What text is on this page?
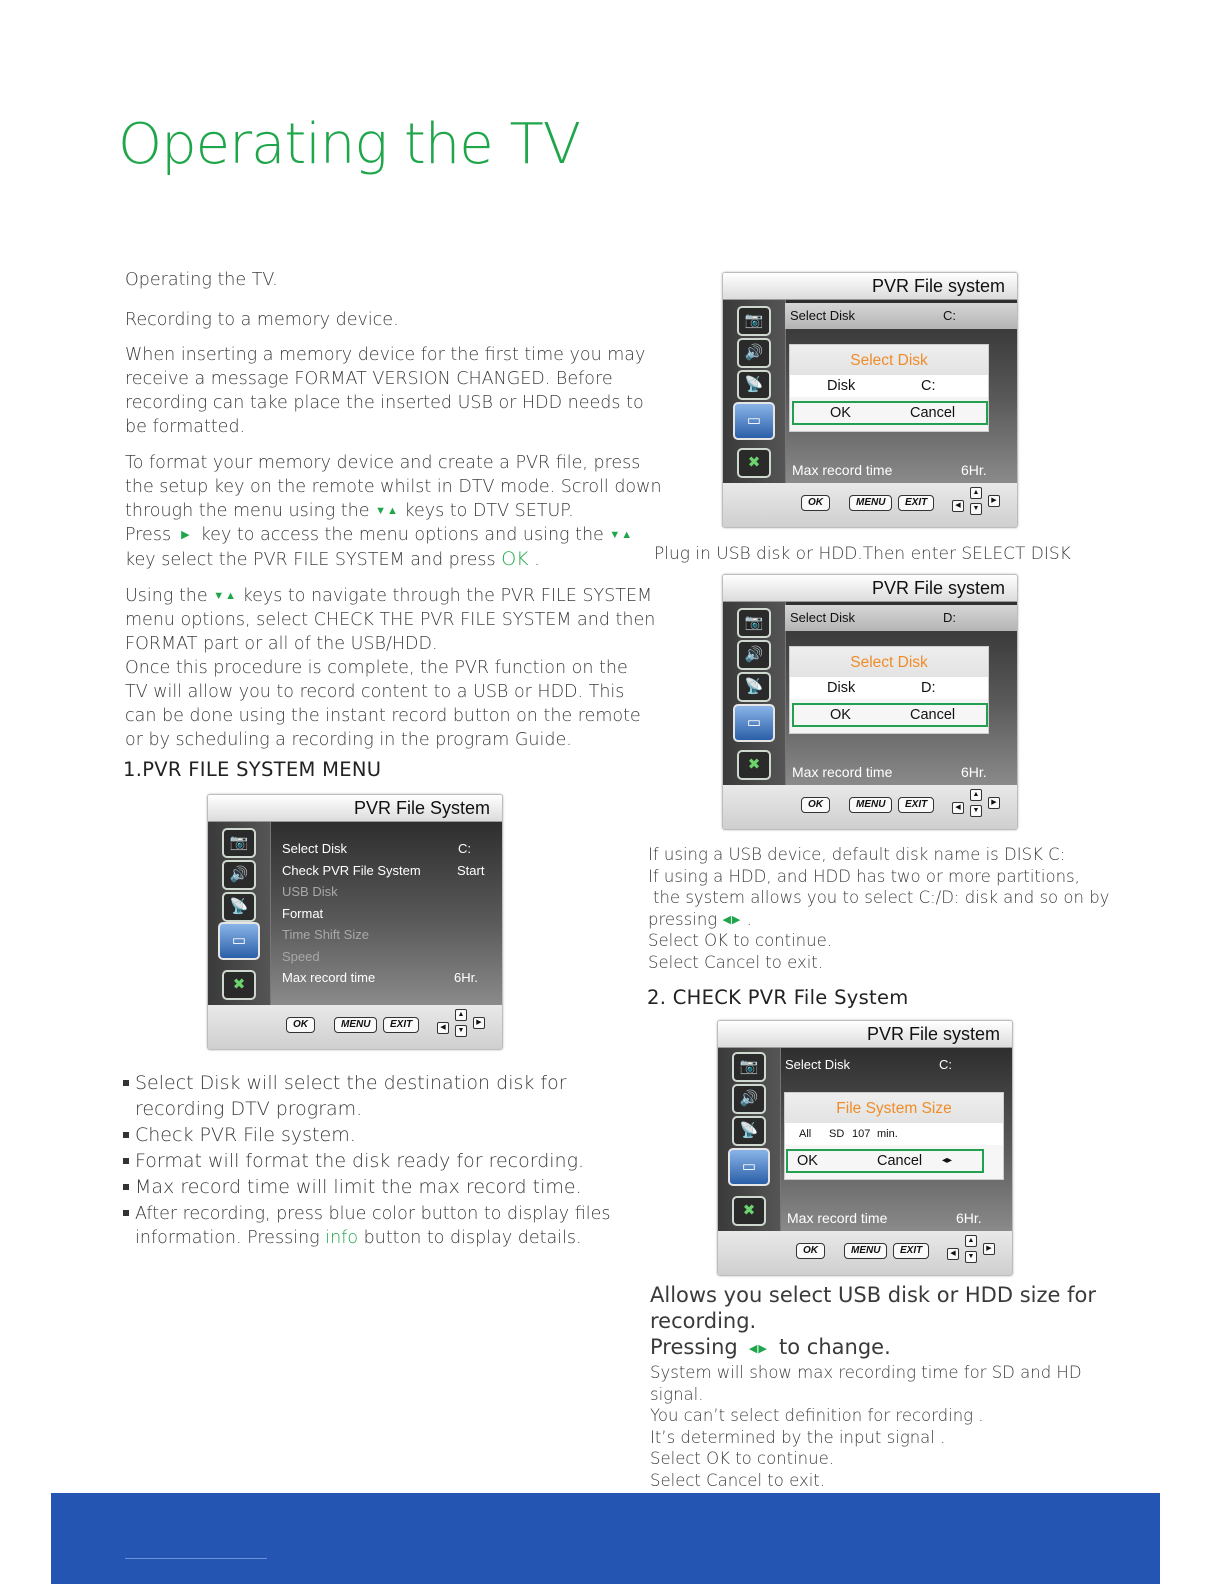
Operating the TV

Operating the TV.

Recording to a memory device.

When inserting a memory device for the first time you may

receive a message FORMAT VERSION CHANGED. Before

recording can take place the inserted USB or HDD needs to

be formatted.

To format your memory device and create a PVR file, press

the setup key on the remote whilst in DTV mode. Scroll down

through the menu using the ▼▲ keys to DTV SETUP.

Press  ▶  key to access the menu options and using the ▼▲

key select the PVR FILE SYSTEM and press OK .

Using the ▼▲ keys to navigate through the PVR FILE SYSTEM

menu options, select CHECK THE PVR FILE SYSTEM and then

FORMAT part or all of the USB/HDD.

Once this procedure is complete, the PVR function on the

TV will allow you to record content to a USB or HDD. This

can be done using the instant record button on the remote

or by scheduling a recording in the program Guide.

1.PVR FILE SYSTEM MENU
PVR File System
📷
🔊
📡
▭
✖
Select Disk	C:
Check PVR File System	Start
USB Disk
Format
Time Shift Size
Speed
Max record time	6Hr.
OK	MENU	EXIT	◀
▲
▼
▶
Select Disk will select the destination disk for
recording DTV program.
Check PVR File system.
Format will format the disk ready for recording.
Max record time will limit the max record time.
After recording, press blue color button to display files
information. Pressing info button to display details.
PVR File system
📷
🔊
📡
▭
✖
Select Disk	C:
Select Disk
Disk	C:
OK	Cancel
Max record time	6Hr.
OK	MENU	EXIT	◀
▲
▼
▶
Plug in USB disk or HDD.Then enter SELECT DISK
PVR File system
📷
🔊
📡
▭
✖
Select Disk	D:
Select Disk
Disk	D:
OK	Cancel
Max record time	6Hr.
OK	MENU	EXIT	◀
▲
▼
▶

If using a USB device, default disk name is DISK C:

If using a HDD, and HDD has two or more partitions,

the system allows you to select C:/D: disk and so on by

pressing ◀▶ .

Select OK to continue.

Select Cancel to exit.

2. CHECK PVR File System
PVR File system
📷
🔊
📡
▭
✖
Select Disk	C:
File System Size
All SD 107 min.
OK	Cancel ◂▸
Max record time	6Hr.
OK	MENU	EXIT	◀
▲
▼
▶
Allows you select USB disk or HDD size for
recording.
Pressing  ◀▶  to change.

System will show max recording time for SD and HD

signal.

You can’t select definition for recording .

It’s determined by the input signal .

Select OK to continue.

Select Cancel to exit.
